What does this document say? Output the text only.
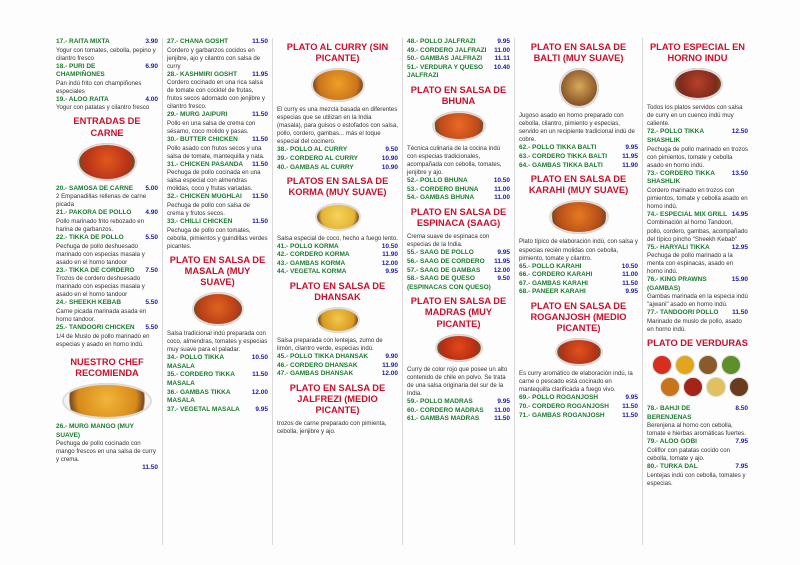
3.90
17.- RAITA MIXTA
Yogur con tomates, cebolla, pepino y cilantro fresco
6.90
18.- PURI DE CHAMPIÑONES
Pan indú frito con champiñones especiales
4.00
19.- ALOO RAITA
Yogur con patatas y cilantro fresco
ENTRADAS DE CARNE
5.00
20.- SAMOSA DE CARNE
2 Empanadillas rellenas de carne picada
4.90
21.- PAKORA DE POLLO
Pollo marinado frito rebozado en harina de garbanzos.
5.50
22.- TIKKA DE POLLO
Pechuga de pollo deshuesado marinado con especias masala y asado en el horno tandoor
7.50
23.- TIKKA DE CORDERO
Trozos de cordero deshuesado marinado con especias masala y asado en el horno tandoor
5.50
24.- SHEEKH KEBAB
Carne picada marinada asada en horno tandoor.
5.50
25.- TANDOORI CHICKEN
1/4 de Muslo de pollo marinado en especias y asado en horno indú.
NUESTRO CHEF RECOMIENDA
26.- MURG MANGO (MUY SUAVE)
Pechuga de pollo cocinado con mango frescos en una salsa de curry y crema.
11.50
11.50
27.- CHANA GOSHT
Cordero y garbanzos cocidos en jenjibre, ajo y cilantro con salsa de curry
11.95
28.- KASHMIRI GOSHT
Cordero cocinado en una rica salsa de tomate con cocktel de frutas, frutos secos adornado con jenjibre y cilantro fresco.
11.50
29.- MURG JAIPURI
Pollo en una salsa de crema con sésamo, coco molido y pasas.
11.50
30.- BUTTER CHICKEN
Pollo asado con frutos secos y una salsa de tomate, mantequilla y nata.
11.50
31.- CHICKEN PASANDA
Pechuga de pollo cocinada en una salsa especial con almendras molidas, coco y frutas variadas.
11.50
32.- CHICKEN MUGHLAI
Pechuga de pollo con salsa de crema y frutos secos.
11.50
33.- CHILLI CHICKEN
Pechuga de pollo con tomates, cebolla, pimientos y guindillas verdes picantes.
PLATO EN SALSA DE MASALA (MUY SUAVE)
Salsa tradicional indú preparada con coco, almendras, tomates y especias muy suave para el paladar.
10.50
34.- POLLO TIKKA MASALA
11.50
35.- CORDERO TIKKA MASALA
12.00
36.- GAMBAS TIKKA MASALA
9.95
37.- VEGETAL MASALA
PLATO AL CURRY (SIN PICANTE)
El curry es una mezcla basada en diferentes especias que se utilizan en la India (masala), para guisos o estofados con salsa, pollo, cordero, gambas... más el toque especial del cocinero.
9.50
38.- POLLO AL CURRY
10.90
39.- CORDERO AL CURRY
10.90
40.- GAMBAS AL CURRY
PLATOS EN SALSA DE KORMA (MUY SUAVE)
Salsa especial de coco, hecho a fuego lento.
10.50
41.- POLLO KORMA
11.90
42.- CORDERO KORMA
12.00
43.- GAMBAS KORMA
9.95
44.- VEGETAL KORMA
PLATO EN SALSA DE DHANSAK
Salsa preparada con lentejas, zumo de limón, cilantro verde, especias indú.
9.90
45.- POLLO TIKKA DHANSAK
11.90
46.- CORDERO DHANSAK
12.00
47.- GAMBAS DHANSAK
PLATO EN SALSA DE JALFREZI (MEDIO PICANTE)
trozos de carne preparado con pimienta, cebolla, jenjibre y ajo.
9.95
48.- POLLO JALFRAZI
11.00
49.- CORDERO JALFRAZI
11.11
50.- GAMBAS JALFRAZI
10.40
51.- VERDURA Y QUESO JALFRAZI
PLATO EN SALSA DE BHUNA
Técnica culinaria de la cocina indú con especias tradicionales, acompañada con cebolla, tomates, jenjibre y ajo.
10.50
52.- POLLO BHUNA
11.00
53.- CORDERO BHUNA
11.00
54.- GAMBAS BHUNA
PLATO EN SALSA DE ESPINACA (SAAG)
Crema suave de espinaca con especias de la India.
9.95
55.- SAAG DE POLLO
11.95
56.- SAAG DE CORDERO
12.00
57.- SAAG DE GAMBAS
9.50
58.- SAAG DE QUESO (ESPINACAS CON QUESO)
PLATO EN SALSA DE MADRAS (MUY PICANTE)
Curry de color rojo que posee un alto contenido de chile en polvo. Se trata de una salsa originaria del sur de la India.
9.95
59.- POLLO MADRAS
11.00
60.- CORDERO MADRAS
11.50
61.- GAMBAS MADRAS
PLATO EN SALSA DE BALTI (MUY SUAVE)
Jugoso asado en horno preparado con cebolla, cilantro, pimiento y especias, servido en un recipiente tradicional indú de cobre.
9.95
62.- POLLO TIKKA BALTI
11.95
63.- CORDERO TIKKA BALTI
11.90
64.- GAMBAS TIKKA BALTI
PLATO EN SALSA DE KARAHI (MUY SUAVE)
Plato típico de elaboración indú, con salsa y especias recién molidas con cebolla, pimiento, tomate y cilantro.
10.50
65.- POLLO KARAHI
11.00
66.- CORDERO KARAHI
11.50
67.- GAMBAS KARAHI
9.95
68.- PANEER KARAHI
PLATO EN SALSA DE ROGANJOSH (MEDIO PICANTE)
Es curry aromático de elaboración indú, la carne o pescado está cocinado en mantequilla clarificada a fuego vivo.
9.95
69.- POLLO ROGANJOSH
11.50
70.- CORDERO ROGANJOSH
11.50
71.- GAMBAS ROGANJOSH
PLATO ESPECIAL EN HORNO INDU
Todos los platos servidos con salsa de curry en un cuenco indú muy caliente.
12.50
72.- POLLO TIKKA SHASHLIK
Pechuga de pollo marinado en trozos con pimientos, tomate y cebolla asado en horno indú.
13.50
73.- CORDERO TIKKA SHASHLIK
Cordero marinado en trozos con pimientos, tomate y cebolla asado en horno indú.
14.95
74.- ESPECIAL MIX GRILL
Combinación al horno Tandoori, pollo, cordero, gambas, acompañado del típico pincho "Sheekh Kebab"
12.95
75.- HARYALI TIKKA
Pechuga de pollo marinado a la menta con espinacas, asado en horno indú.
15.90
76.- KING PRAWNS (GAMBAS)
Gambas marinada en la especia indú "ajwani" asado en horno indú.
11.50
77.- TANDOORI POLLO
Marinado de muslo de pollo, asado en horno indú.
PLATO DE VERDURAS
8.50
78.- BAHJI DE BERENJENAS
Berenjena al horno con cebolla, tomate e hierbas aromáticas fuertes.
7.95
79.- ALOO GOBI
Coliflor con patatas cocido con cebolla, tomate y ajo.
7.95
80.- TURKA DAL
Lentejas indú con cebolla, tomates y especias.
